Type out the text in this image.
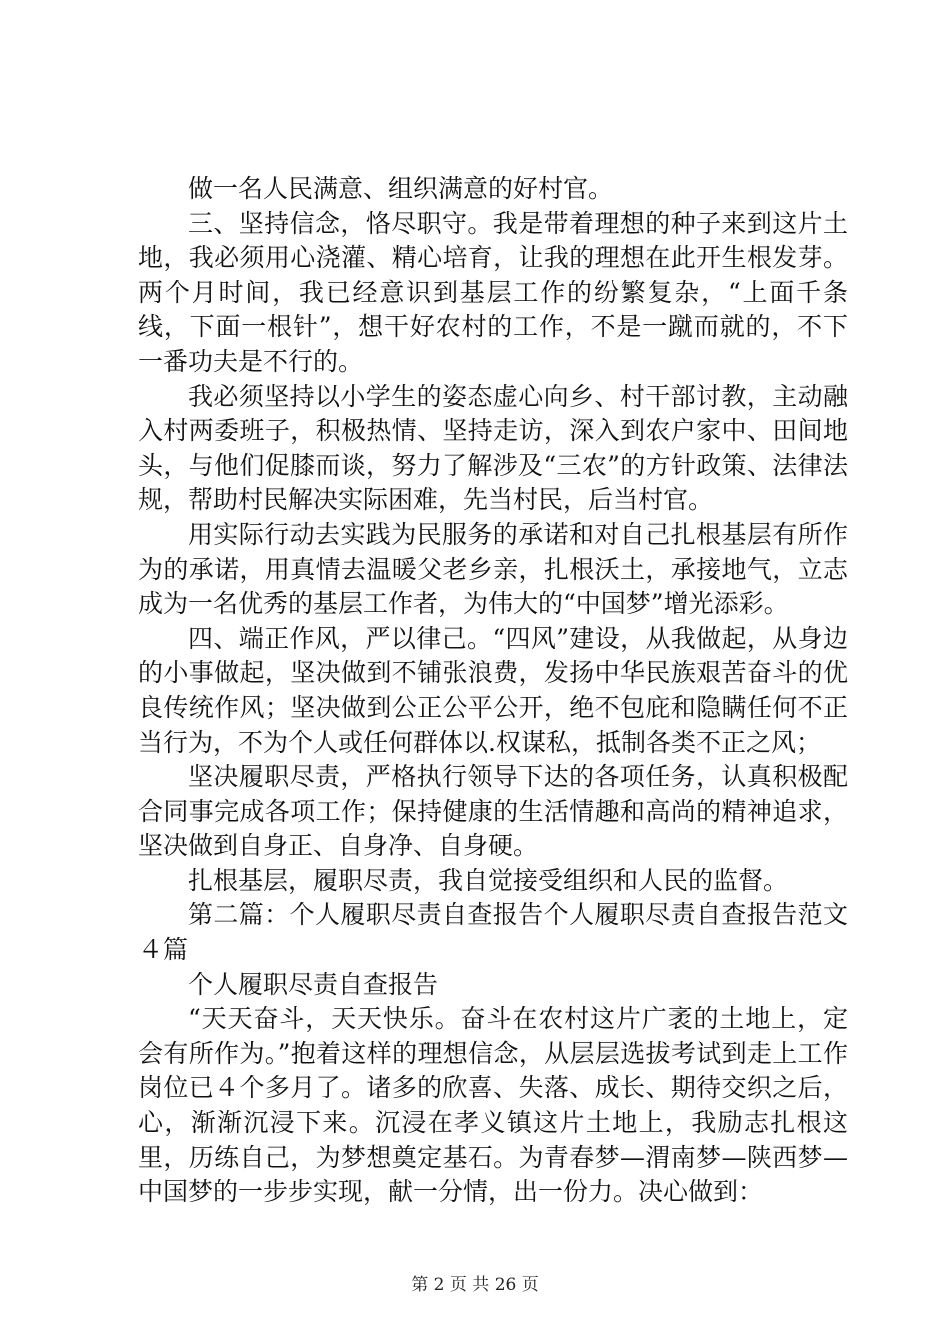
做一名人民满意、组织满意的好村官。

三、坚持信念，恪尽职守。我是带着理想的种子来到这片土地，我必须用心浇灌、精心培育，让我的理想在此开生根发芽。两个月时间，我已经意识到基层工作的纷繁复杂，“上面千条线，下面一根针”，想干好农村的工作，不是一蹴而就的，不下一番功夫是不行的。

我必须坚持以小学生的姿态虚心向乡、村干部讨教，主动融入村两委班子，积极热情、坚持走访，深入到农户家中、田间地头，与他们促膝而谈，努力了解涉及“三农”的方针政策、法律法规，帮助村民解决实际困难，先当村民，后当村官。

用实际行动去实践为民服务的承诺和对自己扎根基层有所作为的承诺，用真情去温暖父老乡亲，扎根沃土，承接地气，立志成为一名优秀的基层工作者，为伟大的“中国梦”增光添彩。

四、端正作风，严以律己。“四风”建设，从我做起，从身边的小事做起，坚决做到不铺张浪费，发扬中华民族艰苦奋斗的优良传统作风；坚决做到公正公平公开，绝不包庇和隐瞒任何不正当行为，不为个人或任何群体以.权谋私，抵制各类不正之风；

坚决履职尽责，严格执行领导下达的各项任务，认真积极配合同事完成各项工作；保持健康的生活情趣和高尚的精神追求，坚决做到自身正、自身净、自身硬。

扎根基层，履职尽责，我自觉接受组织和人民的监督。

第二篇：个人履职尽责自查报告个人履职尽责自查报告范文４篇

个人履职尽责自查报告

“天天奋斗，天天快乐。奋斗在农村这片广袤的土地上，定会有所作为。”抱着这样的理想信念，从层层选拔考试到走上工作岗位已４个多月了。诸多的欣喜、失落、成长、期待交织之后，心，渐渐沉浸下来。沉浸在孝义镇这片土地上，我励志扎根这里，历练自己，为梦想奠定基石。为青春梦—渭南梦—陕西梦—中国梦的一步步实现，献一分情，出一份力。决心做到：

第 2 页 共 26 页
